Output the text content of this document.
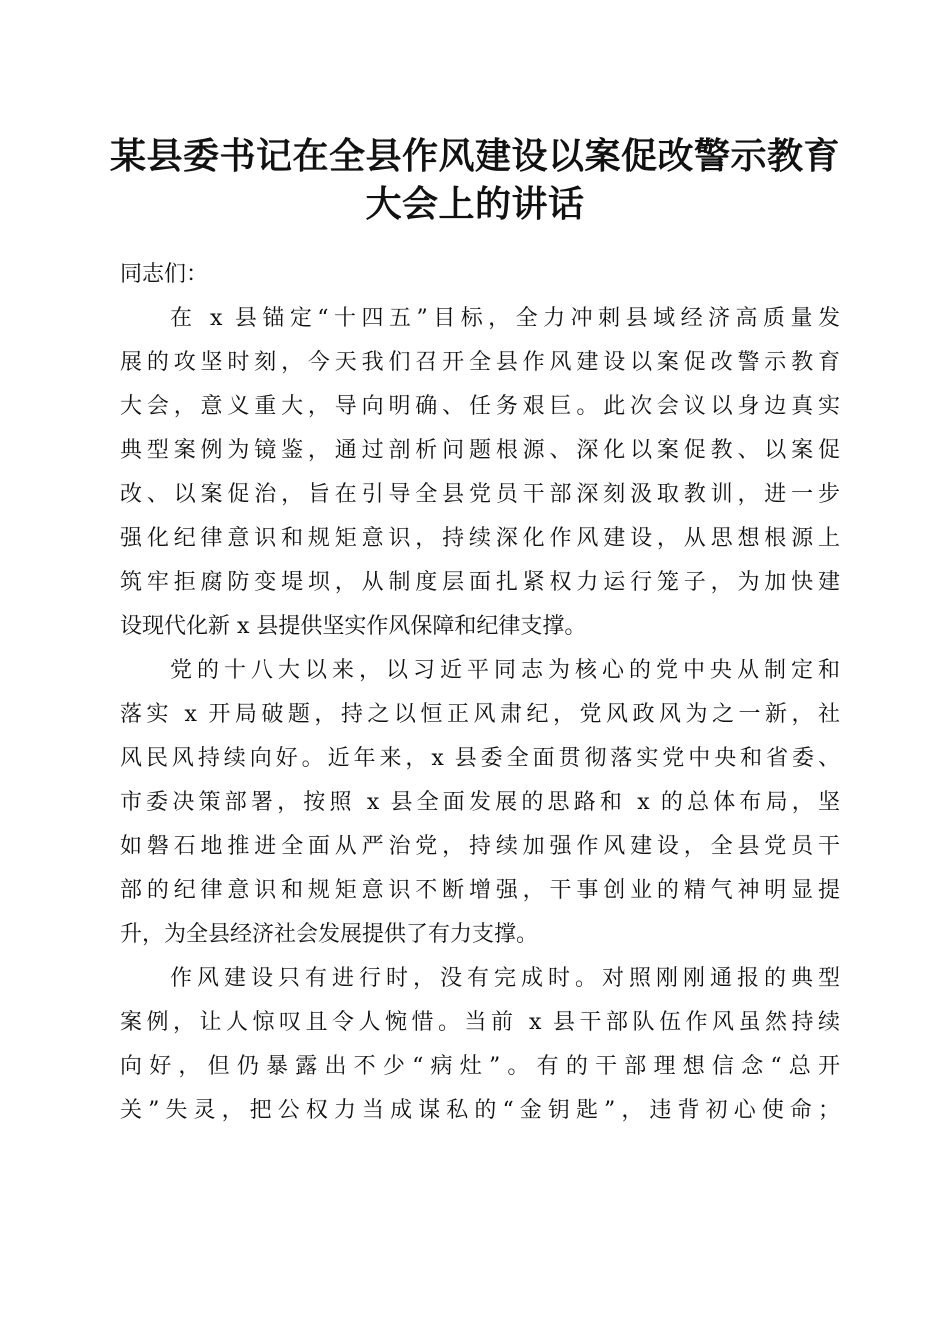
某县委书记在全县作风建设以案促改警示教育
大会上的讲话
同志们：
在 x 县锚定“十四五”目标，全力冲刺县域经济高质量发
展的攻坚时刻，今天我们召开全县作风建设以案促改警示教育
大会，意义重大，导向明确、任务艰巨。此次会议以身边真实
典型案例为镜鉴，通过剖析问题根源、深化以案促教、以案促
改、以案促治，旨在引导全县党员干部深刻汲取教训，进一步
强化纪律意识和规矩意识，持续深化作风建设，从思想根源上
筑牢拒腐防变堤坝，从制度层面扎紧权力运行笼子，为加快建
设现代化新 x 县提供坚实作风保障和纪律支撑。
党的十八大以来，以习近平同志为核心的党中央从制定和
落实 x 开局破题，持之以恒正风肃纪，党风政风为之一新，社
风民风持续向好。近年来，x 县委全面贯彻落实党中央和省委、
市委决策部署，按照 x 县全面发展的思路和 x 的总体布局，坚
如磐石地推进全面从严治党，持续加强作风建设，全县党员干
部的纪律意识和规矩意识不断增强，干事创业的精气神明显提
升，为全县经济社会发展提供了有力支撑。
作风建设只有进行时，没有完成时。对照刚刚通报的典型
案例，让人惊叹且令人惋惜。当前 x 县干部队伍作风虽然持续
向好，但仍暴露出不少“病灶”。有的干部理想信念“总开
关”失灵，把公权力当成谋私的“金钥匙”，违背初心使命；
